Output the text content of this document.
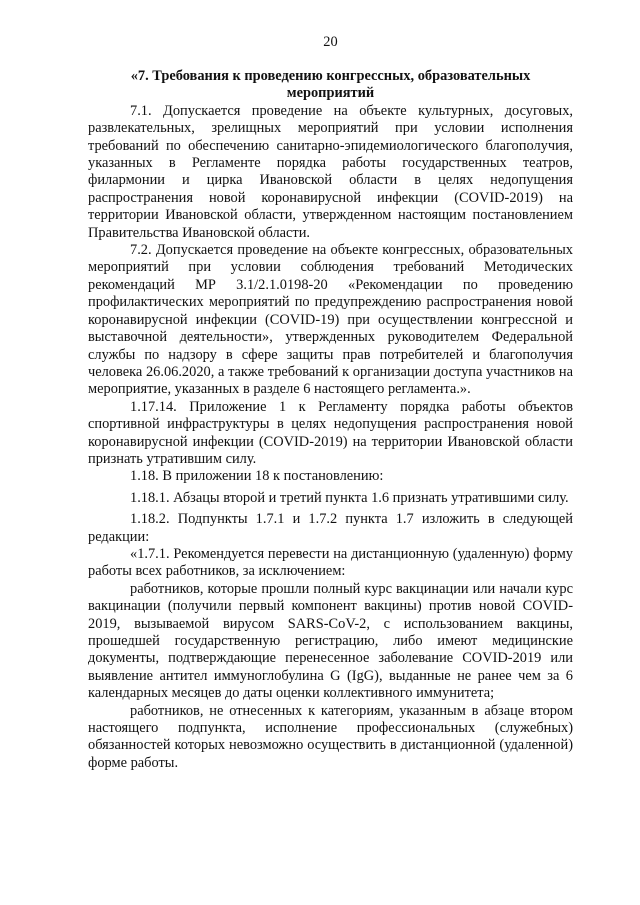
20

«7. Требования к проведению конгрессных, образовательных мероприятий

7.1. Допускается проведение на объекте культурных, досуговых, развлекательных, зрелищных мероприятий при условии исполнения требований по обеспечению санитарно-эпидемиологического благополучия, указанных в Регламенте порядка работы государственных театров, филармонии и цирка Ивановской области в целях недопущения распространения новой коронавирусной инфекции (COVID-2019) на территории Ивановской области, утвержденном настоящим постановлением Правительства Ивановской области.

7.2. Допускается проведение на объекте конгрессных, образовательных мероприятий при условии соблюдения требований Методических рекомендаций МР 3.1/2.1.0198-20 «Рекомендации по проведению профилактических мероприятий по предупреждению распространения новой коронавирусной инфекции (COVID-19) при осуществлении конгрессной и выставочной деятельности», утвержденных руководителем Федеральной службы по надзору в сфере защиты прав потребителей и благополучия человека 26.06.2020, а также требований к организации доступа участников на мероприятие, указанных в разделе 6 настоящего регламента.».

1.17.14. Приложение 1 к Регламенту порядка работы объектов спортивной инфраструктуры в целях недопущения распространения новой коронавирусной инфекции (COVID-2019) на территории Ивановской области признать утратившим силу.

1.18. В приложении 18 к постановлению:

1.18.1. Абзацы второй и третий пункта 1.6 признать утратившими силу.

1.18.2. Подпункты 1.7.1 и 1.7.2 пункта 1.7 изложить в следующей редакции:

«1.7.1. Рекомендуется перевести на дистанционную (удаленную) форму работы всех работников, за исключением:

работников, которые прошли полный курс вакцинации или начали курс вакцинации (получили первый компонент вакцины) против новой COVID-2019, вызываемой вирусом SARS-CoV-2, с использованием вакцины, прошедшей государственную регистрацию, либо имеют медицинские документы, подтверждающие перенесенное заболевание COVID-2019 или выявление антител иммуноглобулина G (IgG), выданные не ранее чем за 6 календарных месяцев до даты оценки коллективного иммунитета;

работников, не отнесенных к категориям, указанным в абзаце втором настоящего подпункта, исполнение профессиональных (служебных) обязанностей которых невозможно осуществить в дистанционной (удаленной) форме работы.
